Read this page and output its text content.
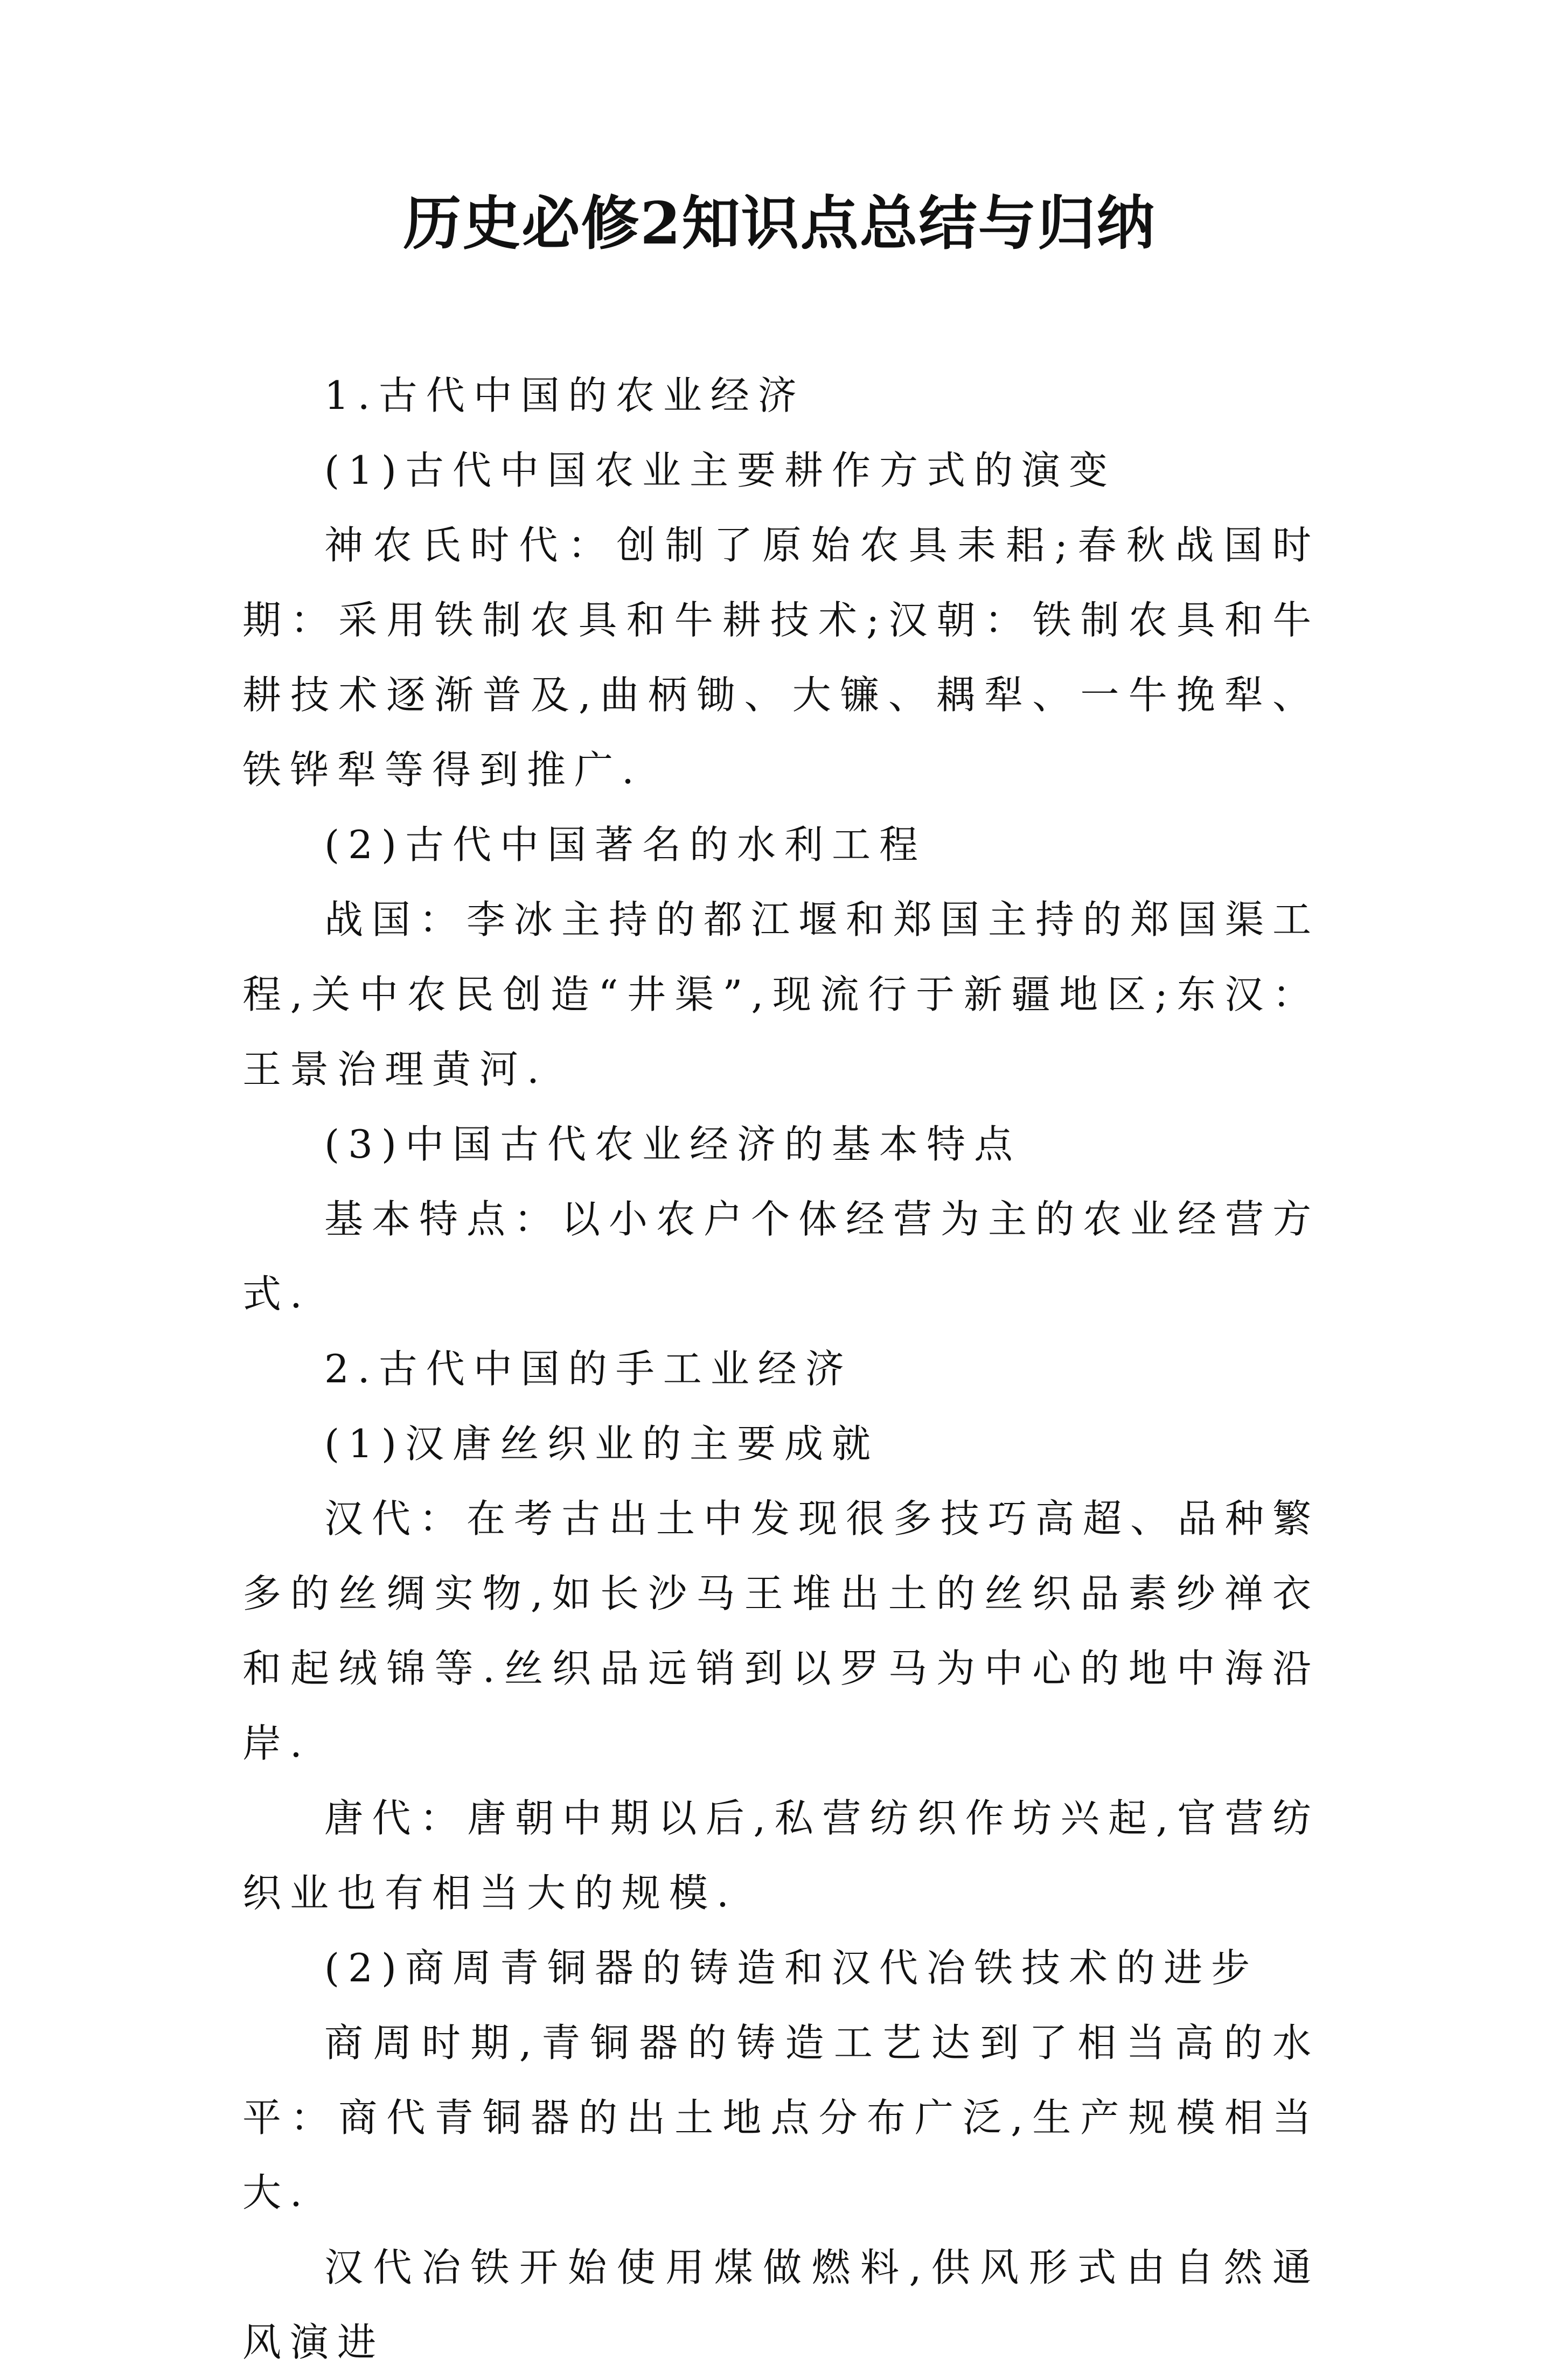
历史必修2知识点总结与归纳

1.古代中国的农业经济

(1)古代中国农业主要耕作方式的演变

神农氏时代：创制了原始农具耒耜;春秋战国时期：采用铁制农具和牛耕技术;汉朝：铁制农具和牛耕技术逐渐普及,曲柄锄、大镰、耦犁、一牛挽犁、铁铧犁等得到推广.

(2)古代中国著名的水利工程

战国：李冰主持的都江堰和郑国主持的郑国渠工程,关中农民创造“井渠”,现流行于新疆地区;东汉：王景治理黄河.

(3)中国古代农业经济的基本特点

基本特点：以小农户个体经营为主的农业经营方式.

2.古代中国的手工业经济

(1)汉唐丝织业的主要成就

汉代：在考古出土中发现很多技巧高超、品种繁多的丝绸实物,如长沙马王堆出土的丝织品素纱禅衣和起绒锦等.丝织品远销到以罗马为中心的地中海沿岸.

唐代：唐朝中期以后,私营纺织作坊兴起,官营纺织业也有相当大的规模.

(2)商周青铜器的铸造和汉代冶铁技术的进步

商周时期,青铜器的铸造工艺达到了相当高的水平：商代青铜器的出土地点分布广泛,生产规模相当大.

汉代冶铁开始使用煤做燃料,供风形式由自然通风演进
